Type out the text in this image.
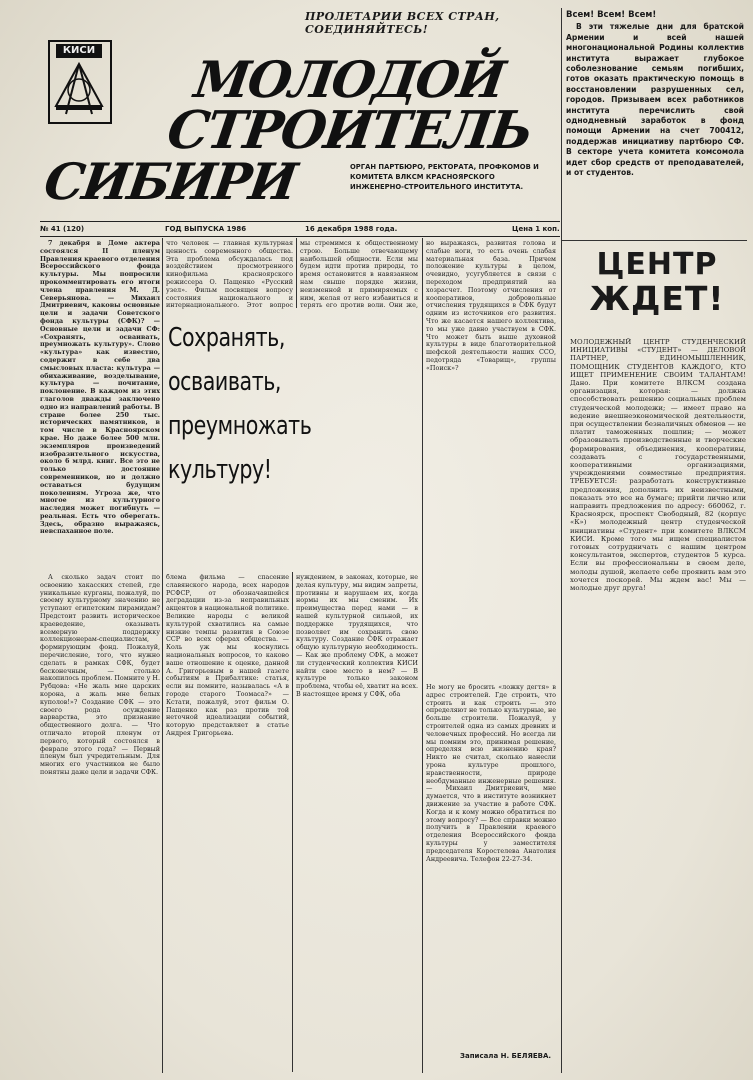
ПРОЛЕТАРИИ ВСЕХ СТРАН, СОЕДИНЯЙТЕСЬ!
КИСИ МОЛОДОЙ
СТРОИТЕЛЬ
СИБИРИ	ОРГАН ПАРТБЮРО, РЕКТОРАТА, ПРОФКОМОВ И КОМИТЕТА ВЛКСМ КРАСНОЯРСКОГО ИНЖЕНЕРНО-СТРОИТЕЛЬНОГО ИНСТИТУТА.
№ 41 (120)	ГОД ВЫПУСКА 1986	16 декабря 1988 года.	Цена 1 коп.
Всем! Всем! Всем!
В эти тяжелые дни для братской Армении и всей нашей многонациональной Родины коллектив института выражает глубокое соболезнование семьям погибших, готов оказать практическую помощь в восстановлении разрушенных сел, городов. Призываем всех работников института перечислить свой однодневный заработок в фонд помощи Армении на счет 700412, поддержав инициативу партбюро СФ. В секторе учета комитета комсомола идет сбор средств от преподавателей, и от студентов.
ЦЕНТР
ЖДЕТ!
МОЛОДЕЖНЫЙ ЦЕНТР СТУДЕНЧЕСКИЙ ИНИЦИАТИВЫ «СТУДЕНТ» — ДЕЛОВОЙ ПАРТНЕР, ЕДИНОМЫШЛЕННИК, ПОМОЩНИК СТУДЕНТОВ КАЖДОГО, КТО ИЩЕТ ПРИМЕНЕНИЕ СВОИМ ТАЛАНТАМ! Дано. При комитете ВЛКСМ создана организация, которая: — должна способствовать решению социальных проблем студенческой молодежи; — имеет право на ведение внешнеэкономической деятельности, при осуществлении безналичных обменов — не платит таможенных пошлин; — может образовывать производственные и творческие формирования, объединения, кооперативы, создавать с государственными, кооперативными организациями, учреждениями совместные предприятия. ТРЕБУЕТСЯ: разработать конструктивные предложения, дополнить их неизвестными, показать это все на бумаге; прийти лично или направить предложения по адресу: 660062, г. Красноярск, проспект Свободный, 82 (корпус «К») молодежный центр студенческой инициативы «Студент» при комитете ВЛКСМ КИСИ. Кроме того мы ищем специалистов готовых сотрудничать с нашим центром консультантов, экспертов, студентов 5 курса. Если вы профессиональны в своем деле, молоды душой, желаете себе проявить вам это хочется поскорей. Мы ждем вас! Мы — молодые друг друга!

7 декабря в Доме актера состоялся II пленум Правления краевого отделения Всероссийского фонда культуры. Мы попросили прокомментировать его итоги члена правления М. Д. Северьянова. — Михаил Дмитриевич, каковы основные цели и задачи Советского фонда культуры (СФК)? — Основные цели и задачи СФ: «Сохранять, осваивать, преумножать культуру». Слово «культура» как известно, содержит в себе два смысловых пласта: культура — обихаживание, возделывание, культура — почитание, поклонение. В каждом из этих глаголов дважды заключено одно из направлений работы. В стране более 250 тыс. исторических памятников, в том числе в Красноярском крае. Но даже более 500 млн. экземпляров произведений изобразительного искусства, около 6 млрд. книг. Все это не только достояние современников, но и должно оставаться будущим поколениям. Угроза же, что многое из культурного наследия может погибнуть — реальная. Есть что оберегать. Здесь, образно выражаясь, невспаханное поле.

А сколько задач стоит по освоению хакасских степей, где уникальные курганы, пожалуй, по своему культурному значению не уступают египетским пирамидам? Предстоит развить историческое краеведение, оказывать всемерную поддержку коллекционерам-специалистам, формирующим фонд. Пожалуй, перечисление, того, что нужно сделать в рамках СФК, будет бесконечным, — столько накопилось проблем. Помните у Н. Рубцова: «Не жаль мне царских корона, а жаль мне белых куполов!»? Создание СФК — это своего рода осуждение варварства, это признание общественного долга. — Что отличало второй пленум от первого, который состоялся в феврале этого года? — Первый пленум был учредительным. Для многих его участников не было понятны даже цели и задачи СФК.

что человек — главная культурная ценность современного общества. Эта проблема обсуждалась под воздействием просмотренного кинофильма красноярского режиссера О. Пащенко «Русский узел». Фильм посвящен вопросу состояния национального и интернационального. Этот вопрос
мы стремимся к общественному строю. Больше отвечающему наибольшей общности. Если мы будем идти против природы, то время остановится в навязанном нам свыше порядке жизни, неизменной и примиряемых с ним, желая от него избавиться и терять его против воли. Они же,
Сохранять,
осваивать,
преумножать
культуру!
но выражаясь, развитая голова и слабые ноги, то есть очень слабая материальная база. Причем положение культуры в целом, очевидно, усугубляется в связи с переходом предприятий на хозрасчет. Поэтому отчисления от кооперативов, добровольные отчисления трудящихся в СФК будут одним из источников его развития. Что же касается нашего коллектива, то мы уже давно участвуем в СФК. Что может быть выше духовной культуры в виде благотворительной шефской деятельности наших ССО, педотряда «Товарищ», группы «Поиск»?
Не могу не бросить «ложку дегтя» в адрес строителей. Где строить, что строить и как строить — это определяют не только культурные, не больше строители. Пожалуй, у строителей одна из самых древних и человечных профессий. Но всегда ли мы помним это, принимая решение, определяя всю жизнению края? Никто не считал, сколько нанесли урона культуре прошлого, нравственности, природе необдуманные инженерные решения. — Михаил Дмитриевич, мне думается, что в институте возникнет движение за участие в работе СФК. Когда и к кому можно обратиться по этому вопросу? — Все справки можно получить в Правлении краевого отделения Всероссийского фонда культуры у заместителя председателя Коростелева Анатолия Андреевича. Телефон 22-27-34.
блема фильма — спасение славянского народа, всех народов РСФСР, от обозначавшейся деградации из-за неправильных акцентов в национальной политике. Великие народы с великой культурой схватились на самые низкие темпы развития в Союзе ССР во всех сферах общества. — Коль уж мы коснулись национальных вопросов, то каково ваше отношение к оценке, данной А. Григорьевым в нашей газете событиям в Прибалтике: статья, если вы помните, называлась «А в городе старого Тоомаса?» — Кстати, пожалуй, этот фильм О. Пащенко как раз против той неточной идеализации событий, которую представляет в статье Андрея Григорьева.
нуждением, в законах, которые, не делая культуру, мы видим запреты, противны и нарушаем их, когда нормы их мы сменим. Их преимущества перед нами — в нашей культурной сильной, их поддержке трудящихся, что позволяет им сохранить свою культуру. Создание СФК отражает общую культурную необходимость. — Как же проблему СФК, а может ли студенческий коллектив КИСИ найти свое место в нем? — В культуре только законом проблема, чтобы её, хватит на всех. В настоящее время у СФК, оба
Записала Н. БЕЛЯЕВА.
